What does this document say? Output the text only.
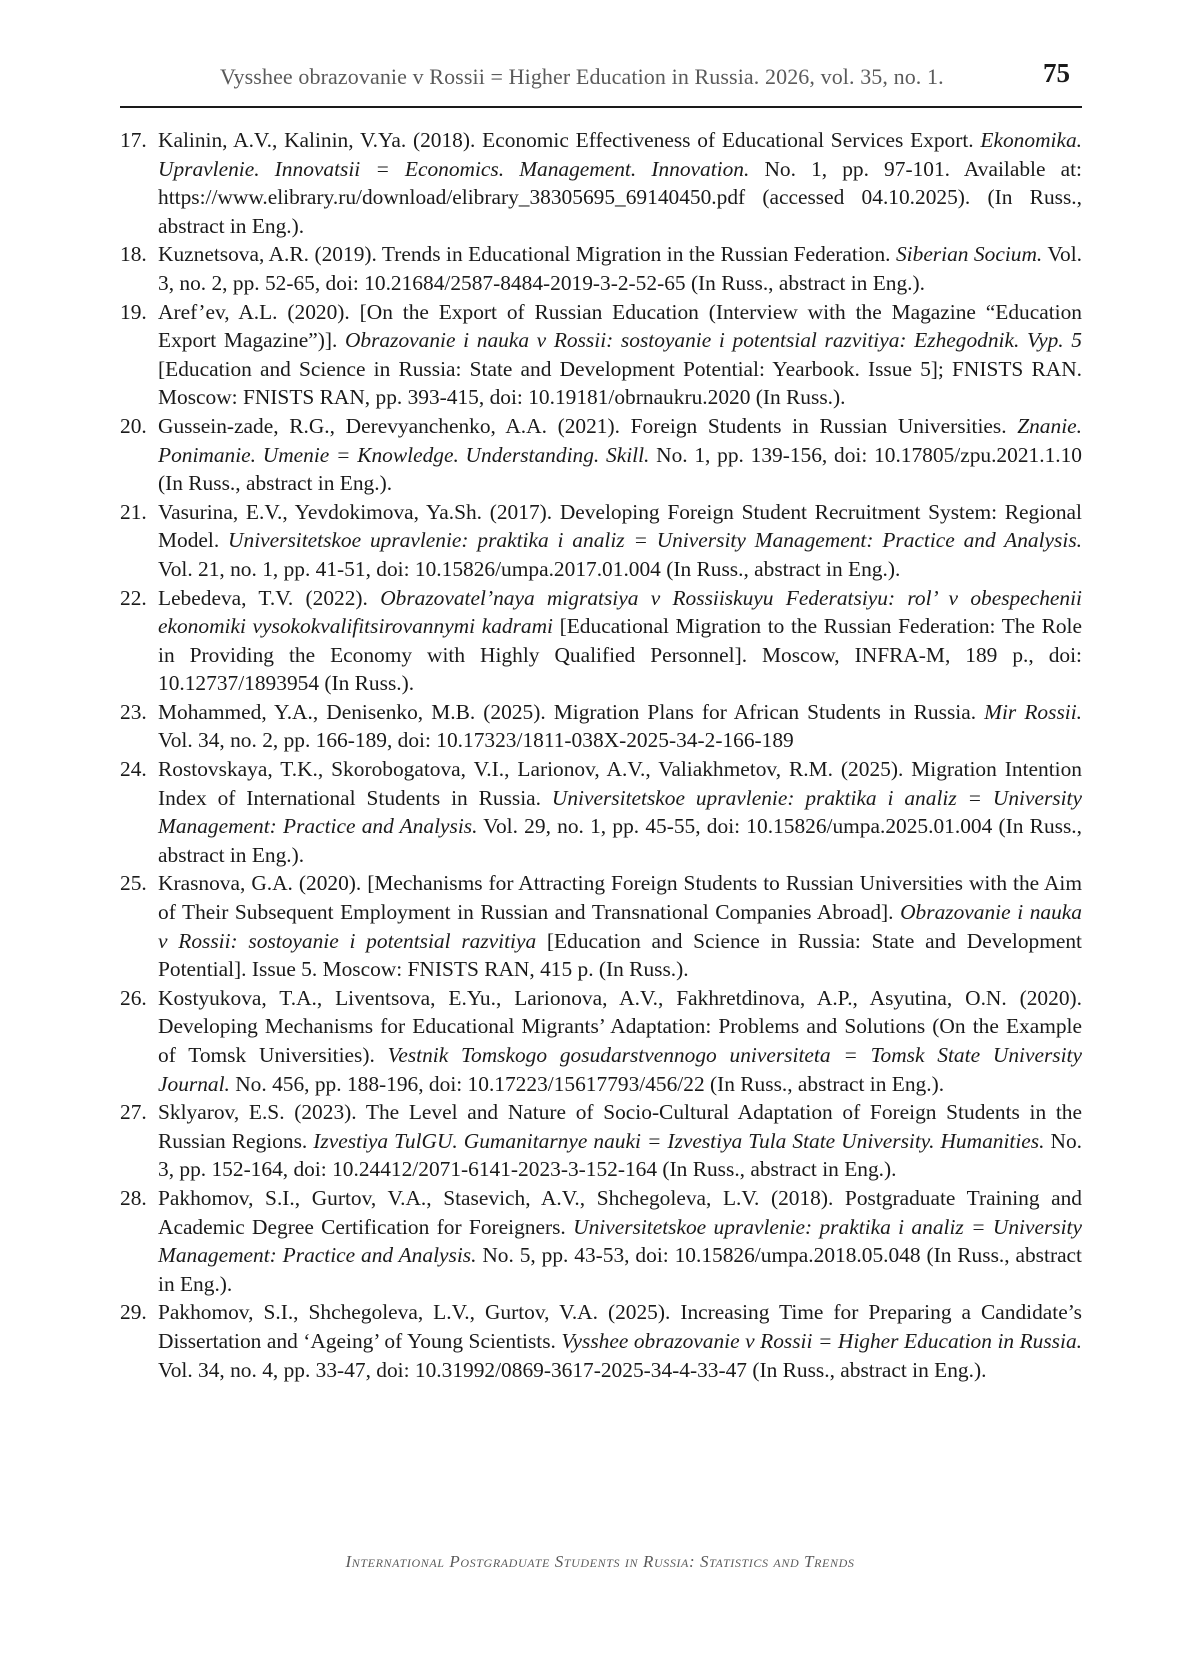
Vysshee obrazovanie v Rossii = Higher Education in Russia. 2026, vol. 35, no. 1.	75
17. Kalinin, A.V., Kalinin, V.Ya. (2018). Economic Effectiveness of Educational Services Export. Ekonomika. Upravlenie. Innovatsii = Economics. Management. Innovation. No. 1, pp. 97-101. Available at: https://www.elibrary.ru/download/elibrary_38305695_69140450.pdf (accessed 04.10.2025). (In Russ., abstract in Eng.).
18. Kuznetsova, A.R. (2019). Trends in Educational Migration in the Russian Federation. Siberian Socium. Vol. 3, no. 2, pp. 52-65, doi: 10.21684/2587-8484-2019-3-2-52-65 (In Russ., abstract in Eng.).
19. Aref’ev, A.L. (2020). [On the Export of Russian Education (Interview with the Magazine “Education Export Magazine”)]. Obrazovanie i nauka v Rossii: sostoyanie i potentsial razvitiya: Ezhegodnik. Vyp. 5 [Education and Science in Russia: State and Development Potential: Yearbook. Issue 5]; FNISTS RAN. Moscow: FNISTS RAN, pp. 393-415, doi: 10.19181/obrnaukru.2020 (In Russ.).
20. Gussein-zade, R.G., Derevyanchenko, A.A. (2021). Foreign Students in Russian Universities. Znanie. Ponimanie. Umenie = Knowledge. Understanding. Skill. No. 1, pp. 139-156, doi: 10.17805/zpu.2021.1.10 (In Russ., abstract in Eng.).
21. Vasurina, E.V., Yevdokimova, Ya.Sh. (2017). Developing Foreign Student Recruitment System: Regional Model. Universitetskoe upravlenie: praktika i analiz = University Management: Practice and Analysis. Vol. 21, no. 1, pp. 41-51, doi: 10.15826/umpa.2017.01.004 (In Russ., abstract in Eng.).
22. Lebedeva, T.V. (2022). Obrazovatel’naya migratsiya v Rossiiskuyu Federatsiyu: rol’ v obespechenii ekonomiki vysokokvalifitsirovannymi kadrami [Educational Migration to the Russian Federation: The Role in Providing the Economy with Highly Qualified Personnel]. Moscow, INFRA-M, 189 p., doi: 10.12737/1893954 (In Russ.).
23. Mohammed, Y.A., Denisenko, M.B. (2025). Migration Plans for African Students in Russia. Mir Rossii. Vol. 34, no. 2, pp. 166-189, doi: 10.17323/1811-038X-2025-34-2-166-189
24. Rostovskaya, T.K., Skorobogatova, V.I., Larionov, A.V., Valiakhmetov, R.M. (2025). Migration Intention Index of International Students in Russia. Universitetskoe upravlenie: praktika i analiz = University Management: Practice and Analysis. Vol. 29, no. 1, pp. 45-55, doi: 10.15826/umpa.2025.01.004 (In Russ., abstract in Eng.).
25. Krasnova, G.A. (2020). [Mechanisms for Attracting Foreign Students to Russian Universities with the Aim of Their Subsequent Employment in Russian and Transnational Companies Abroad]. Obrazovanie i nauka v Rossii: sostoyanie i potentsial razvitiya [Education and Science in Russia: State and Development Potential]. Issue 5. Moscow: FNISTS RAN, 415 p. (In Russ.).
26. Kostyukova, T.A., Liventsova, E.Yu., Larionova, A.V., Fakhretdinova, A.P., Asyutina, O.N. (2020). Developing Mechanisms for Educational Migrants’ Adaptation: Problems and Solutions (On the Example of Tomsk Universities). Vestnik Tomskogo gosudarstvennogo universiteta = Tomsk State University Journal. No. 456, pp. 188-196, doi: 10.17223/15617793/456/22 (In Russ., abstract in Eng.).
27. Sklyarov, E.S. (2023). The Level and Nature of Socio-Cultural Adaptation of Foreign Students in the Russian Regions. Izvestiya TulGU. Gumanitarnye nauki = Izvestiya Tula State University. Humanities. No. 3, pp. 152-164, doi: 10.24412/2071-6141-2023-3-152-164 (In Russ., abstract in Eng.).
28. Pakhomov, S.I., Gurtov, V.A., Stasevich, A.V., Shchegoleva, L.V. (2018). Postgraduate Training and Academic Degree Certification for Foreigners. Universitetskoe upravlenie: praktika i analiz = University Management: Practice and Analysis. No. 5, pp. 43-53, doi: 10.15826/umpa.2018.05.048 (In Russ., abstract in Eng.).
29. Pakhomov, S.I., Shchegoleva, L.V., Gurtov, V.A. (2025). Increasing Time for Preparing a Candidate’s Dissertation and ‘Ageing’ of Young Scientists. Vysshee obrazovanie v Rossii = Higher Education in Russia. Vol. 34, no. 4, pp. 33-47, doi: 10.31992/0869-3617-2025-34-4-33-47 (In Russ., abstract in Eng.).
International Postgraduate Students in Russia: Statistics and Trends
